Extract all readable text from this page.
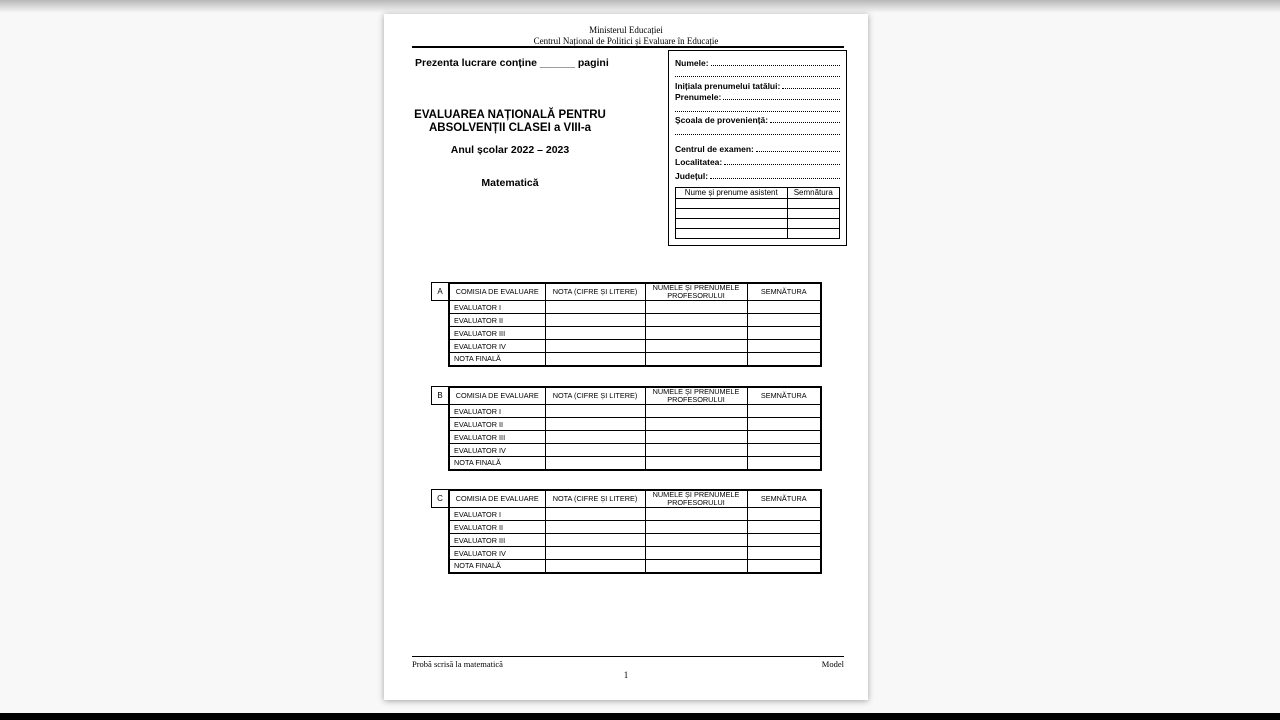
Ministerul Educației
Centrul Național de Politici și Evaluare în Educație
Prezenta lucrare conține ______ pagini	Numele:
Inițiala prenumelui tatălui:
Prenumele:
Școala de proveniență:
Centrul de examen:
Localitatea:
Județul:
Nume și prenume asistent	Semnătura

EVALUAREA NAȚIONALĂ PENTRU
ABSOLVENȚII CLASEI a VIII-a
Anul școlar 2022 – 2023
Matematică
A	COMISIA DE EVALUARE	NOTA (CIFRE ȘI LITERE)	NUMELE ȘI PRENUMELE PROFESORULUI	SEMNĂTURA
EVALUATOR I			
EVALUATOR II			
EVALUATOR III			
EVALUATOR IV			
NOTA FINALĂ			
B	COMISIA DE EVALUARE	NOTA (CIFRE ȘI LITERE)	NUMELE ȘI PRENUMELE PROFESORULUI	SEMNĂTURA
EVALUATOR I			
EVALUATOR II			
EVALUATOR III			
EVALUATOR IV			
NOTA FINALĂ			
C	COMISIA DE EVALUARE	NOTA (CIFRE ȘI LITERE)	NUMELE ȘI PRENUMELE PROFESORULUI	SEMNĂTURA
EVALUATOR I			
EVALUATOR II			
EVALUATOR III			
EVALUATOR IV			
NOTA FINALĂ			
Probă scrisă la matematică	Model
1
